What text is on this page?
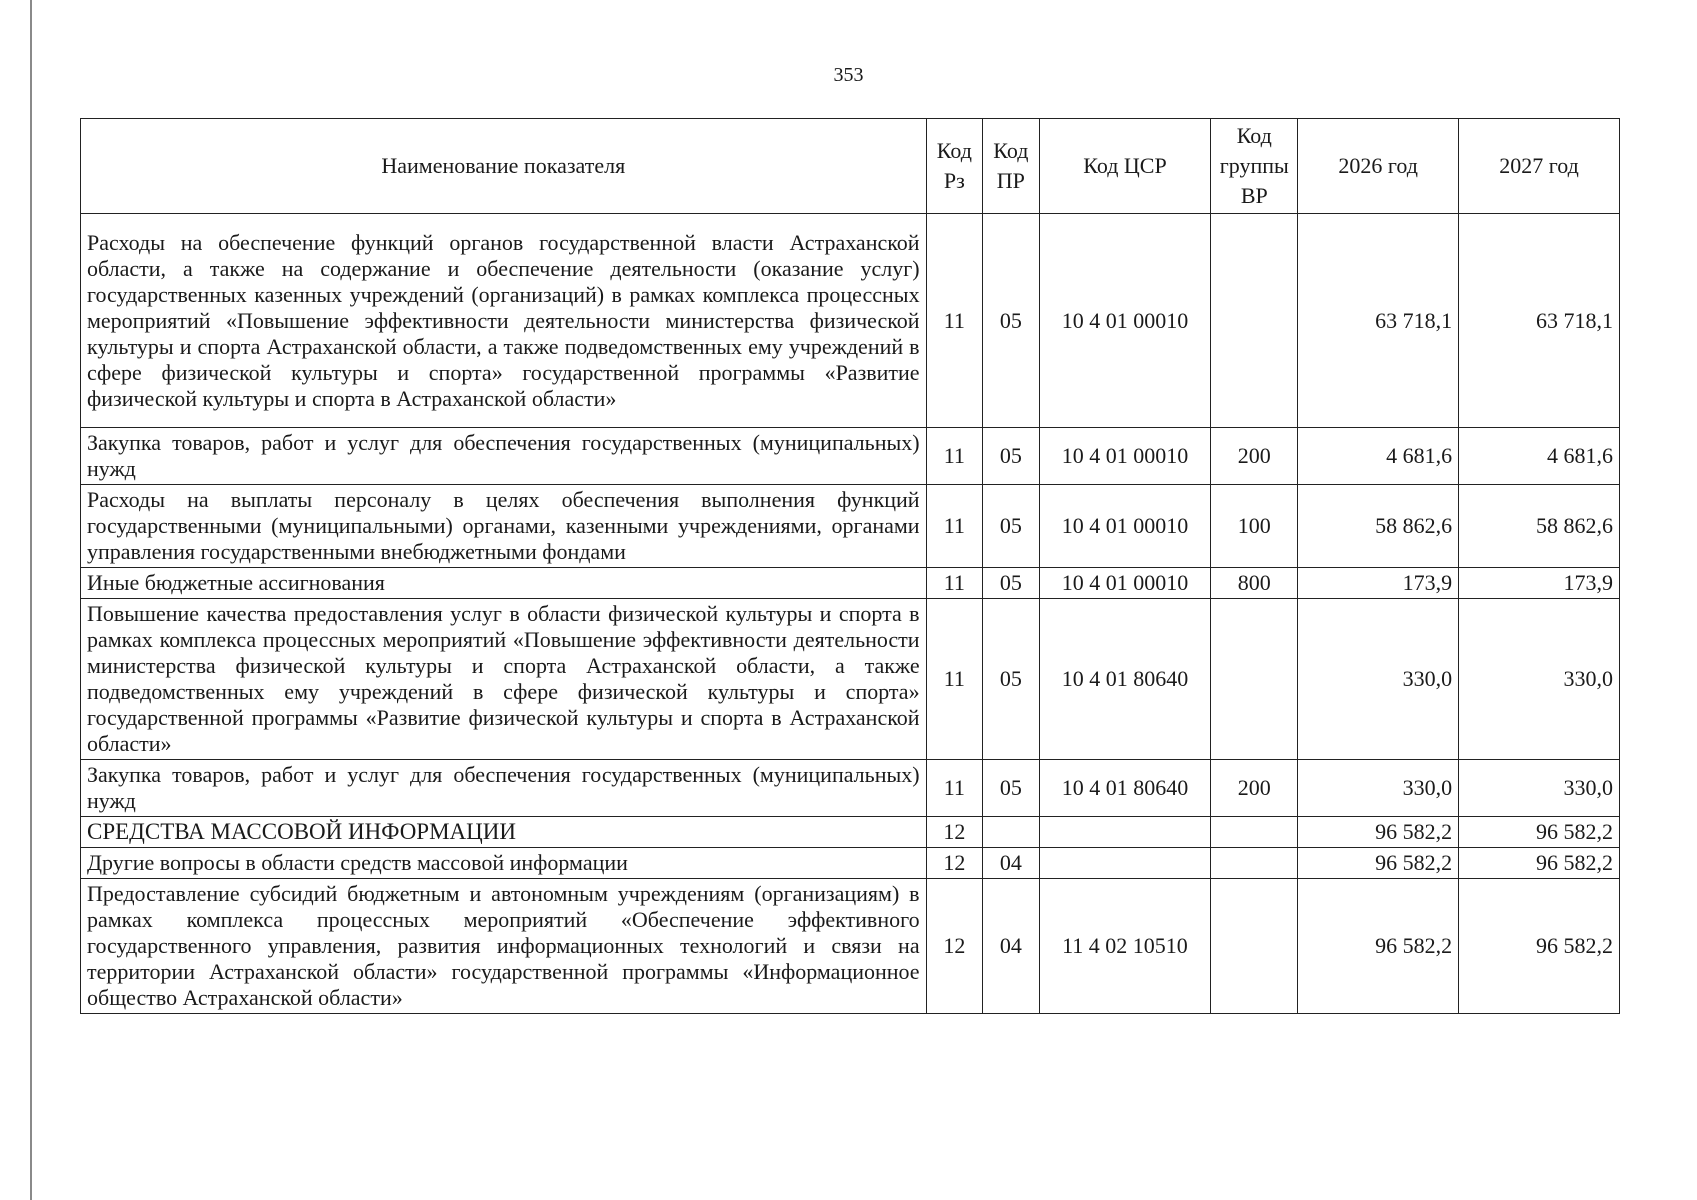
353
Наименование показателя	Код Рз	Код ПР	Код ЦСР	Код группы ВР	2026 год	2027 год
Расходы на обеспечение функций органов государственной власти Астраханской области, а также на содержание и обеспечение деятельности (оказание услуг) государственных казенных учреждений (организаций) в рамках комплекса процессных мероприятий «Повышение эффективности деятельности министерства физической культуры и спорта Астраханской области, а также подведомственных ему учреждений в сфере физической культуры и спорта» государственной программы «Развитие физической культуры и спорта в Астраханской области»	11	05	10 4 01 00010		63 718,1	63 718,1
Закупка товаров, работ и услуг для обеспечения государственных (муниципальных) нужд	11	05	10 4 01 00010	200	4 681,6	4 681,6
Расходы на выплаты персоналу в целях обеспечения выполнения функций государственными (муниципальными) органами, казенными учреждениями, органами управления государственными внебюджетными фондами	11	05	10 4 01 00010	100	58 862,6	58 862,6
Иные бюджетные ассигнования	11	05	10 4 01 00010	800	173,9	173,9
Повышение качества предоставления услуг в области физической культуры и спорта в рамках комплекса процессных мероприятий «Повышение эффективности деятельности министерства физической культуры и спорта Астраханской области, а также подведомственных ему учреждений в сфере физической культуры и спорта» государственной программы «Развитие физической культуры и спорта в Астраханской области»	11	05	10 4 01 80640		330,0	330,0
Закупка товаров, работ и услуг для обеспечения государственных (муниципальных) нужд	11	05	10 4 01 80640	200	330,0	330,0
СРЕДСТВА МАССОВОЙ ИНФОРМАЦИИ	12				96 582,2	96 582,2
Другие вопросы в области средств массовой информации	12	04			96 582,2	96 582,2
Предоставление субсидий бюджетным и автономным учреждениям (организациям) в рамках комплекса процессных мероприятий «Обеспечение эффективного государственного управления, развития информационных технологий и связи на территории Астраханской области» государственной программы «Информационное общество Астраханской области»	12	04	11 4 02 10510		96 582,2	96 582,2
